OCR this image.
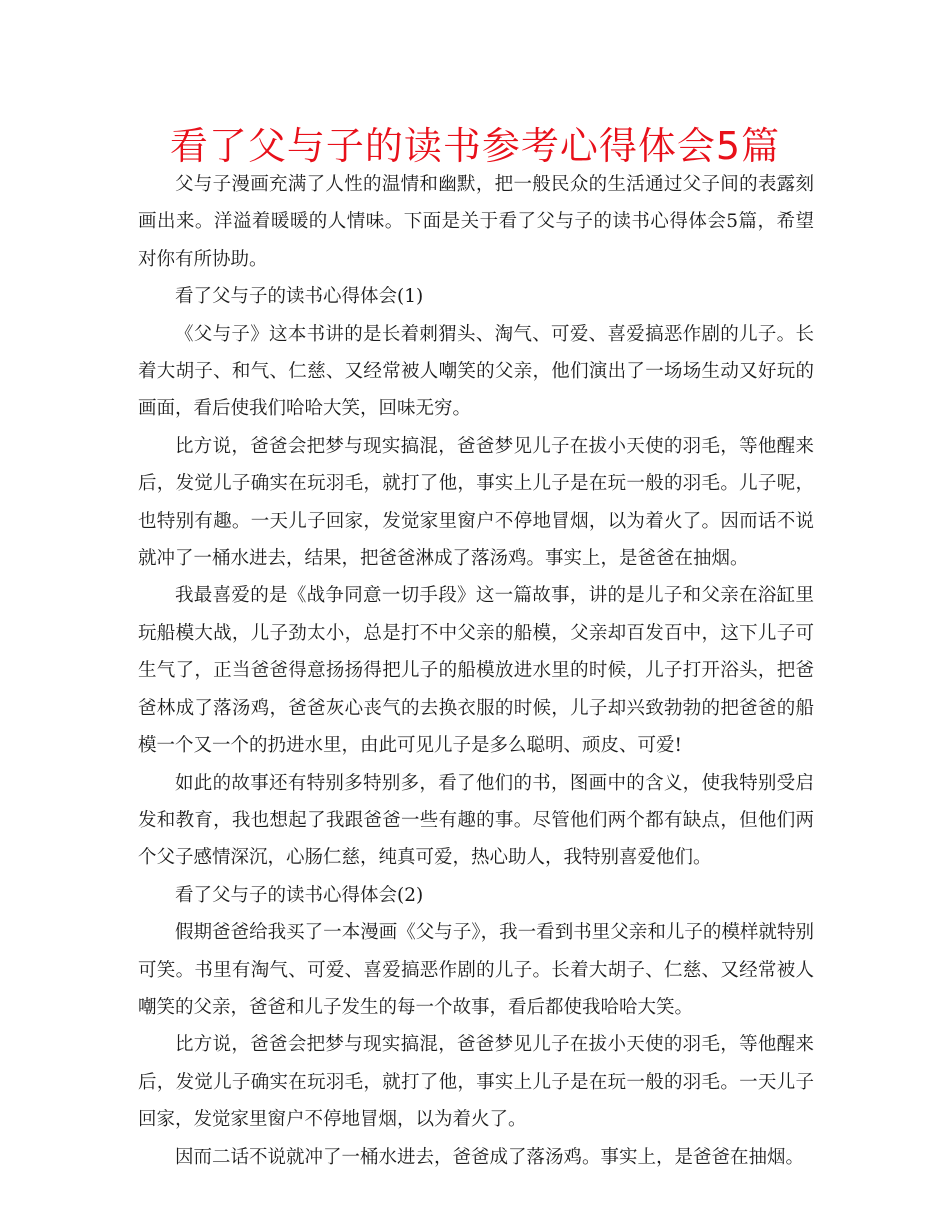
看了父与子的读书参考心得体会5篇

父与子漫画充满了人性的温情和幽默，把一般民众的生活通过父子间的表露刻画出来。洋溢着暖暖的人情味。下面是关于看了父与子的读书心得体会5篇，希望对你有所协助。

看了父与子的读书心得体会(1)

《父与子》这本书讲的是长着刺猬头、淘气、可爱、喜爱搞恶作剧的儿子。长着大胡子、和气、仁慈、又经常被人嘲笑的父亲，他们演出了一场场生动又好玩的画面，看后使我们哈哈大笑，回味无穷。

比方说，爸爸会把梦与现实搞混，爸爸梦见儿子在拔小天使的羽毛，等他醒来后，发觉儿子确实在玩羽毛，就打了他，事实上儿子是在玩一般的羽毛。儿子呢，也特别有趣。一天儿子回家，发觉家里窗户不停地冒烟，以为着火了。因而话不说就冲了一桶水进去，结果，把爸爸淋成了落汤鸡。事实上，是爸爸在抽烟。

我最喜爱的是《战争同意一切手段》这一篇故事，讲的是儿子和父亲在浴缸里玩船模大战，儿子劲太小，总是打不中父亲的船模，父亲却百发百中，这下儿子可生气了，正当爸爸得意扬扬得把儿子的船模放进水里的时候，儿子打开浴头，把爸爸林成了落汤鸡，爸爸灰心丧气的去换衣服的时候，儿子却兴致勃勃的把爸爸的船模一个又一个的扔进水里，由此可见儿子是多么聪明、顽皮、可爱!

如此的故事还有特别多特别多，看了他们的书，图画中的含义，使我特别受启发和教育，我也想起了我跟爸爸一些有趣的事。尽管他们两个都有缺点，但他们两个父子感情深沉，心肠仁慈，纯真可爱，热心助人，我特别喜爱他们。

看了父与子的读书心得体会(2)

假期爸爸给我买了一本漫画《父与子》，我一看到书里父亲和儿子的模样就特别可笑。书里有淘气、可爱、喜爱搞恶作剧的儿子。长着大胡子、仁慈、又经常被人嘲笑的父亲，爸爸和儿子发生的每一个故事，看后都使我哈哈大笑。

比方说，爸爸会把梦与现实搞混，爸爸梦见儿子在拔小天使的羽毛，等他醒来后，发觉儿子确实在玩羽毛，就打了他，事实上儿子是在玩一般的羽毛。一天儿子回家，发觉家里窗户不停地冒烟，以为着火了。

因而二话不说就冲了一桶水进去，爸爸成了落汤鸡。事实上，是爸爸在抽烟。
